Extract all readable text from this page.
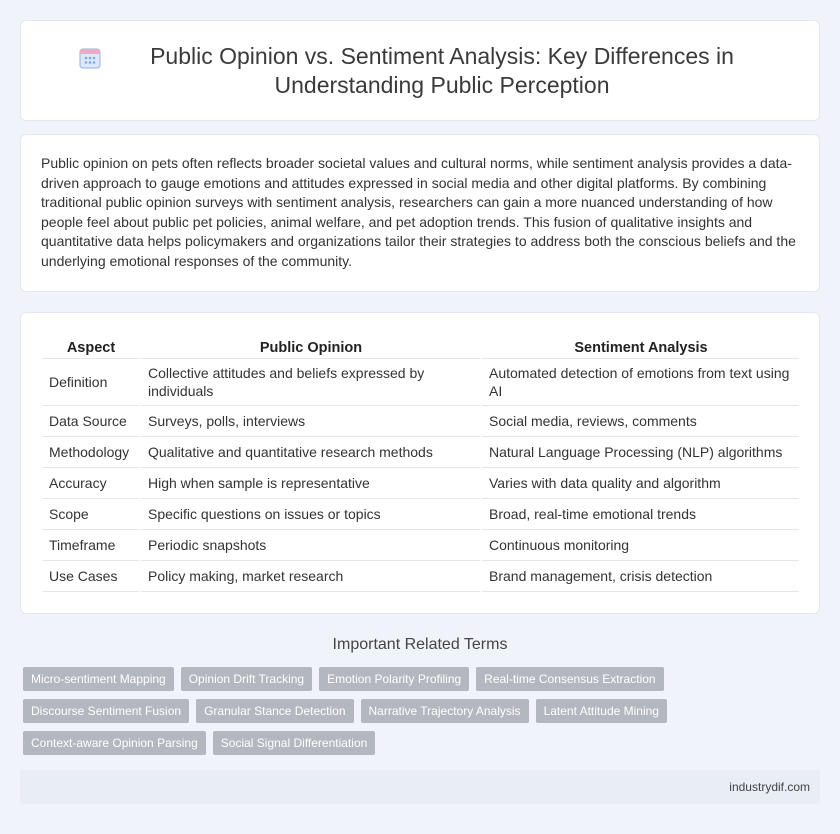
Public Opinion vs. Sentiment Analysis: Key Differences in Understanding Public Perception

Public opinion on pets often reflects broader societal values and cultural norms, while sentiment analysis provides a data-driven approach to gauge emotions and attitudes expressed in social media and other digital platforms. By combining traditional public opinion surveys with sentiment analysis, researchers can gain a more nuanced understanding of how people feel about public pet policies, animal welfare, and pet adoption trends. This fusion of qualitative insights and quantitative data helps policymakers and organizations tailor their strategies to address both the conscious beliefs and the underlying emotional responses of the community.

Aspect	Public Opinion	Sentiment Analysis
Definition	Collective attitudes and beliefs expressed by individuals	Automated detection of emotions from text using AI
Data Source	Surveys, polls, interviews	Social media, reviews, comments
Methodology	Qualitative and quantitative research methods	Natural Language Processing (NLP) algorithms
Accuracy	High when sample is representative	Varies with data quality and algorithm
Scope	Specific questions on issues or topics	Broad, real-time emotional trends
Timeframe	Periodic snapshots	Continuous monitoring
Use Cases	Policy making, market research	Brand management, crisis detection
Important Related Terms
Micro-sentiment Mapping	Opinion Drift Tracking	Emotion Polarity Profiling	Real-time Consensus Extraction
Discourse Sentiment Fusion	Granular Stance Detection	Narrative Trajectory Analysis	Latent Attitude Mining
Context-aware Opinion Parsing	Social Signal Differentiation
industrydif.com
